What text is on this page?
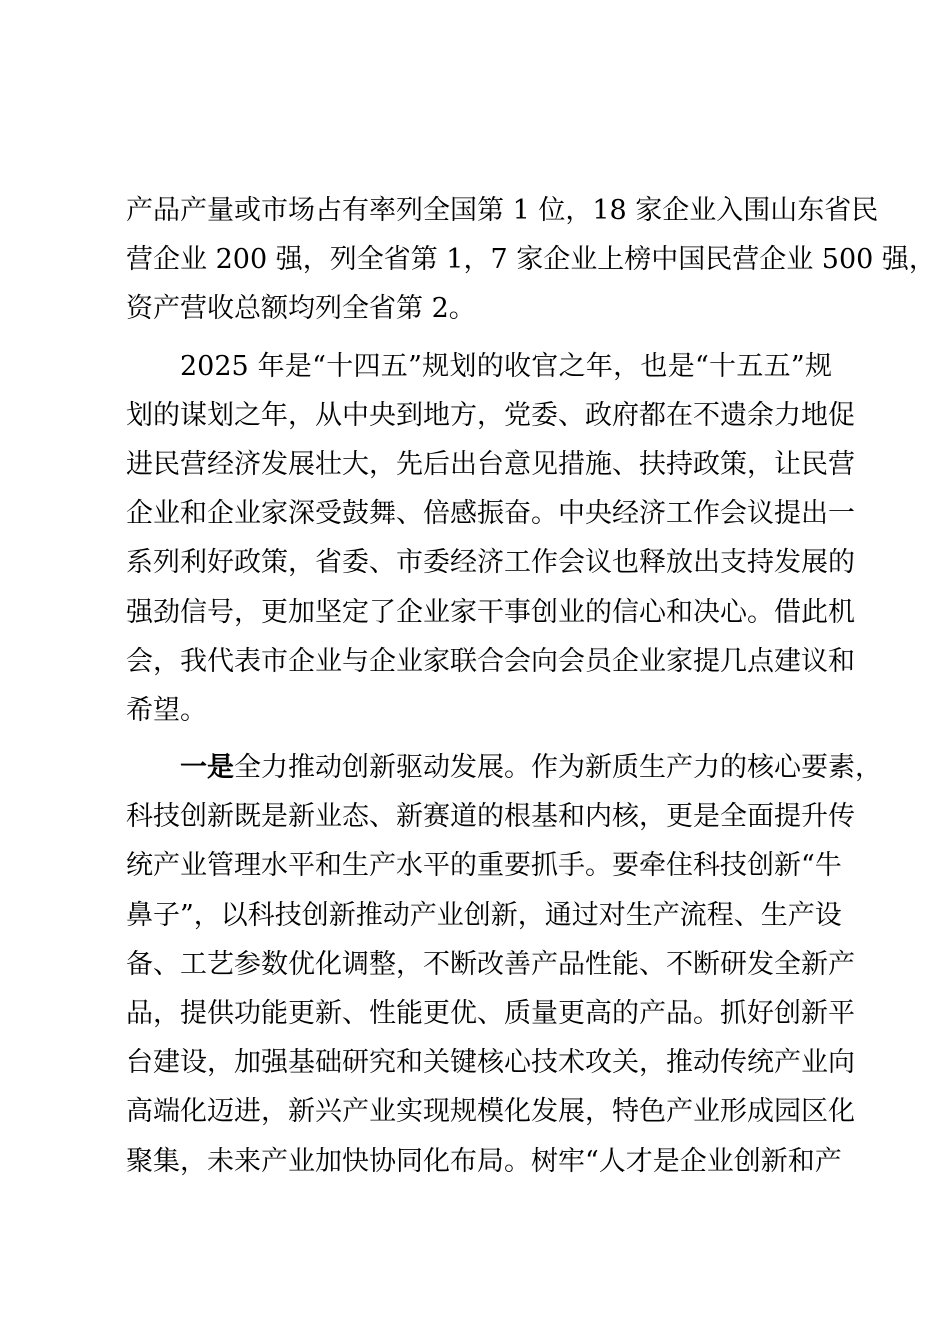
产品产量或市场占有率列全国第 1 位，18 家企业入围山东省民
营企业 200 强，列全省第 1，7 家企业上榜中国民营企业 500 强，
资产营收总额均列全省第 2。
2025 年是“十四五”规划的收官之年，也是“十五五”规
划的谋划之年，从中央到地方，党委、政府都在不遗余力地促
进民营经济发展壮大，先后出台意见措施、扶持政策，让民营
企业和企业家深受鼓舞、倍感振奋。中央经济工作会议提出一
系列利好政策，省委、市委经济工作会议也释放出支持发展的
强劲信号，更加坚定了企业家干事创业的信心和决心。借此机
会，我代表市企业与企业家联合会向会员企业家提几点建议和
希望。
一是全力推动创新驱动发展。作为新质生产力的核心要素，
科技创新既是新业态、新赛道的根基和内核，更是全面提升传
统产业管理水平和生产水平的重要抓手。要牵住科技创新“牛
鼻子”，以科技创新推动产业创新，通过对生产流程、生产设
备、工艺参数优化调整，不断改善产品性能、不断研发全新产
品，提供功能更新、性能更优、质量更高的产品。抓好创新平
台建设，加强基础研究和关键核心技术攻关，推动传统产业向
高端化迈进，新兴产业实现规模化发展，特色产业形成园区化
聚集，未来产业加快协同化布局。树牢“人才是企业创新和产
